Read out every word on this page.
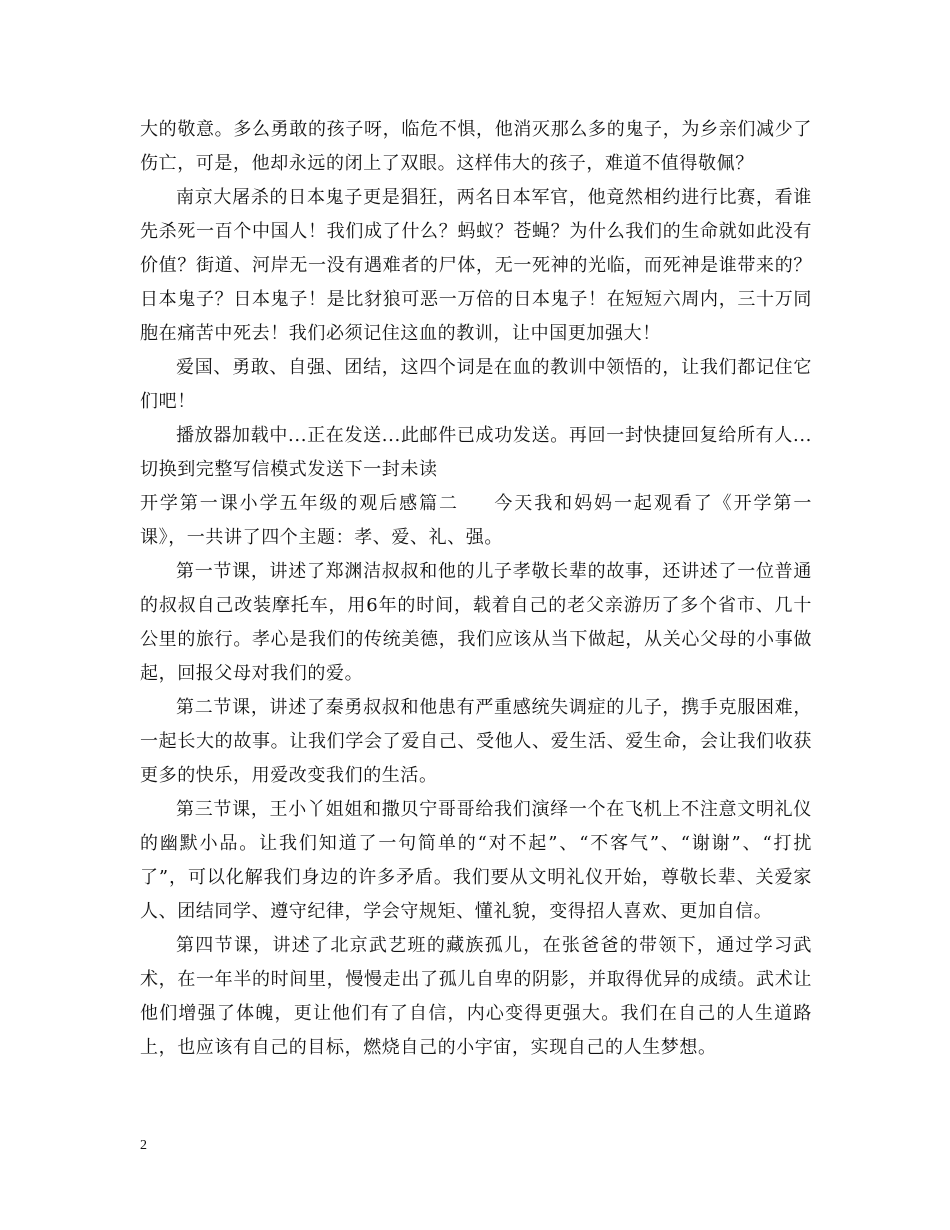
大的敬意。多么勇敢的孩子呀，临危不惧，他消灭那么多的鬼子，为乡亲们减少了伤亡，可是，他却永远的闭上了双眼。这样伟大的孩子，难道不值得敬佩？

南京大屠杀的日本鬼子更是猖狂，两名日本军官，他竟然相约进行比赛，看谁先杀死一百个中国人！我们成了什么？蚂蚁？苍蝇？为什么我们的生命就如此没有价值？街道、河岸无一没有遇难者的尸体，无一死神的光临，而死神是谁带来的？日本鬼子？日本鬼子！是比豺狼可恶一万倍的日本鬼子！在短短六周内，三十万同胞在痛苦中死去！我们必须记住这血的教训，让中国更加强大！

爱国、勇敢、自强、团结，这四个词是在血的教训中领悟的，让我们都记住它们吧！

播放器加载中...正在发送...此邮件已成功发送。再回一封快捷回复给所有人...切换到完整写信模式发送下一封未读

开学第一课小学五年级的观后感篇二 今天我和妈妈一起观看了《开学第一课》，一共讲了四个主题：孝、爱、礼、强。

第一节课，讲述了郑渊洁叔叔和他的儿子孝敬长辈的故事，还讲述了一位普通的叔叔自己改装摩托车，用6年的时间，载着自己的老父亲游历了多个省市、几十公里的旅行。孝心是我们的传统美德，我们应该从当下做起，从关心父母的小事做起，回报父母对我们的爱。

第二节课，讲述了秦勇叔叔和他患有严重感统失调症的儿子，携手克服困难，一起长大的故事。让我们学会了爱自己、受他人、爱生活、爱生命，会让我们收获更多的快乐，用爱改变我们的生活。

第三节课，王小丫姐姐和撒贝宁哥哥给我们演绎一个在飞机上不注意文明礼仪的幽默小品。让我们知道了一句简单的“对不起”、“不客气”、“谢谢”、“打扰了”，可以化解我们身边的许多矛盾。我们要从文明礼仪开始，尊敬长辈、关爱家人、团结同学、遵守纪律，学会守规矩、懂礼貌，变得招人喜欢、更加自信。

第四节课，讲述了北京武艺班的藏族孤儿，在张爸爸的带领下，通过学习武术，在一年半的时间里，慢慢走出了孤儿自卑的阴影，并取得优异的成绩。武术让他们增强了体魄，更让他们有了自信，内心变得更强大。我们在自己的人生道路上，也应该有自己的目标，燃烧自己的小宇宙，实现自己的人生梦想。

2
